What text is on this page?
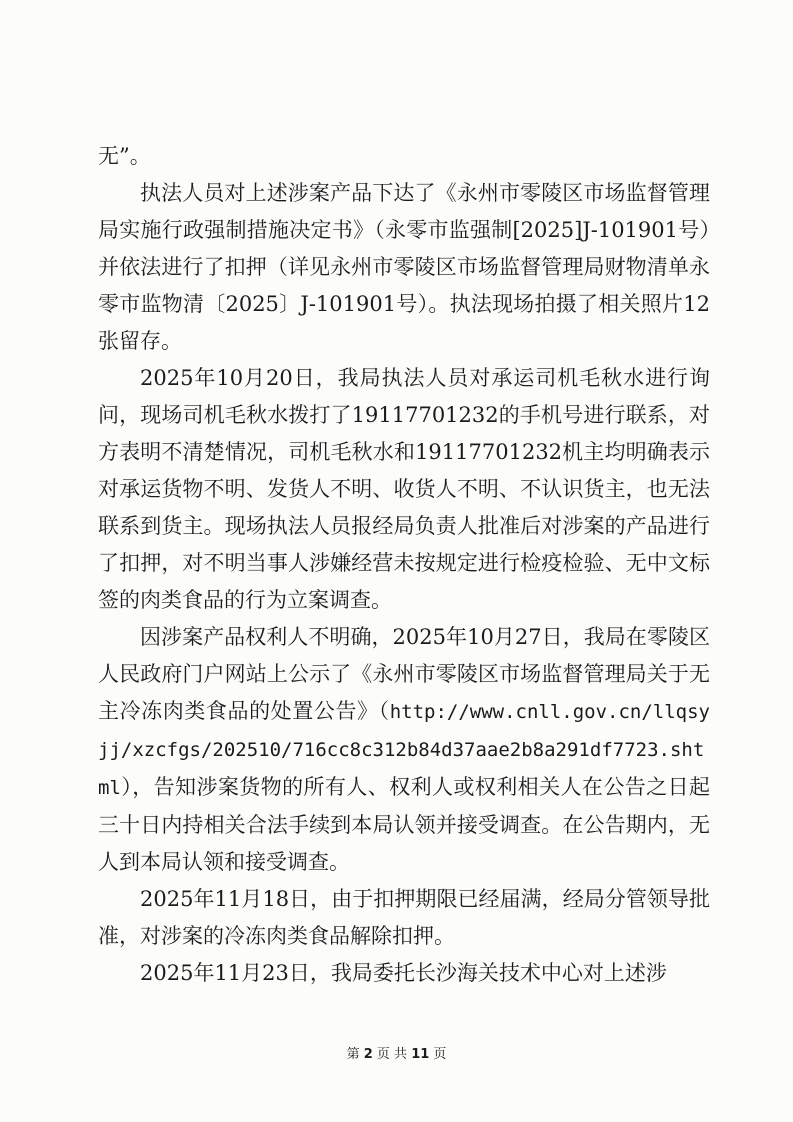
无”。

执法人员对上述涉案产品下达了《永州市零陵区市场监督管理局实施行政强制措施决定书》（永零市监强制[2025]J-101901号）并依法进行了扣押（详见永州市零陵区市场监督管理局财物清单永零市监物清〔2025〕J-101901号）。执法现场拍摄了相关照片12张留存。

2025年10月20日，我局执法人员对承运司机毛秋水进行询问，现场司机毛秋水拨打了19117701232的手机号进行联系，对方表明不清楚情况，司机毛秋水和19117701232机主均明确表示对承运货物不明、发货人不明、收货人不明、不认识货主，也无法联系到货主。现场执法人员报经局负责人批准后对涉案的产品进行了扣押，对不明当事人涉嫌经营未按规定进行检疫检验、无中文标签的肉类食品的行为立案调查。

因涉案产品权利人不明确，2025年10月27日，我局在零陵区人民政府门户网站上公示了《永州市零陵区市场监督管理局关于无主冷冻肉类食品的处置公告》（http://www.cnll.gov.cn/llqsyjj/xzcfgs/202510/716cc8c312b84d37aae2b8a291df7723.shtml），告知涉案货物的所有人、权利人或权利相关人在公告之日起三十日内持相关合法手续到本局认领并接受调查。在公告期内，无人到本局认领和接受调查。

2025年11月18日，由于扣押期限已经届满，经局分管领导批准，对涉案的冷冻肉类食品解除扣押。

2025年11月23日，我局委托长沙海关技术中心对上述涉

第 2 页 共 11 页
